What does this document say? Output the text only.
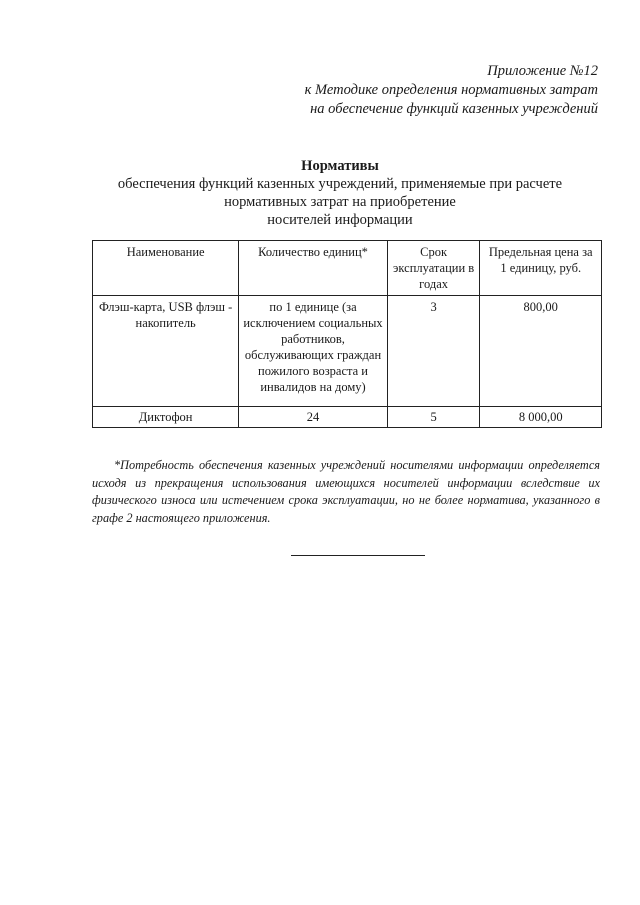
Приложение №12
к Методике определения нормативных затрат
на обеспечение функций казенных учреждений
Нормативы
обеспечения функций казенных учреждений, применяемые при расчете
нормативных затрат на приобретение
носителей информации
Наименование	Количество единиц*	Срок эксплуатации в годах	Предельная цена за 1 единицу, руб.
Флэш-карта, USB флэш - накопитель	по 1 единице (за исключением социальных работников, обслуживающих граждан пожилого возраста и инвалидов на дому)	3	800,00
Диктофон	24	5	8 000,00
*Потребность обеспечения казенных учреждений носителями информации определяется исходя из прекращения использования имеющихся носителей информации вследствие их физического износа или истечением срока эксплуатации, но не более норматива, указанного в графе 2 настоящего приложения.
